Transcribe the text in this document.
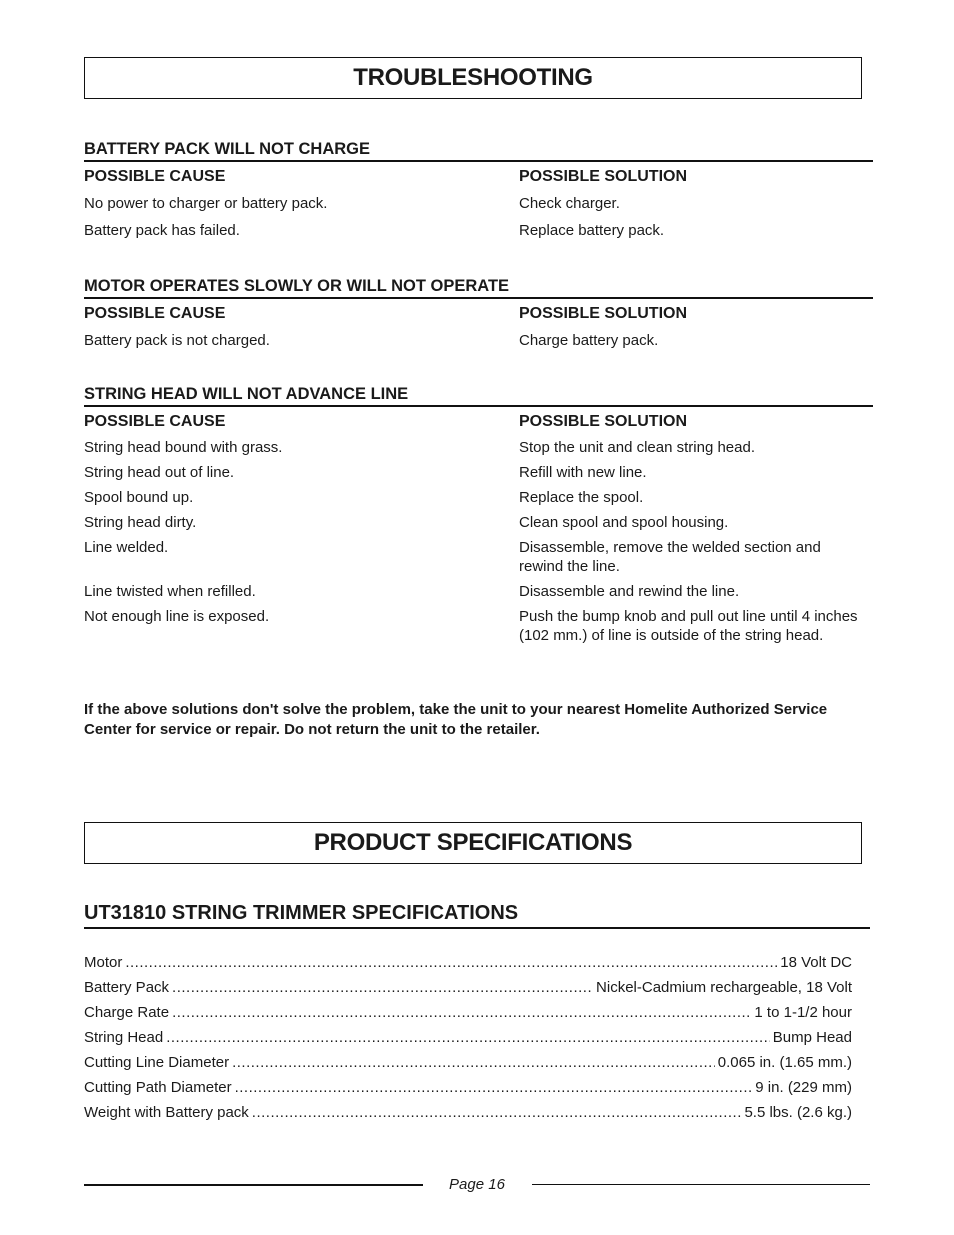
TROUBLESHOOTING
BATTERY PACK WILL NOT CHARGE
POSSIBLE CAUSE	POSSIBLE SOLUTION
No power to charger or battery pack.	Check charger.
Battery pack has failed.	Replace battery pack.
MOTOR OPERATES SLOWLY OR WILL NOT OPERATE
POSSIBLE CAUSE	POSSIBLE SOLUTION
Battery pack is not charged.	Charge battery pack.
STRING HEAD WILL NOT ADVANCE LINE
POSSIBLE CAUSE	POSSIBLE SOLUTION
String head bound with grass.	Stop the unit and clean string head.
String head out of line.	Refill with new line.
Spool bound up.	Replace the spool.
String head dirty.	Clean spool and spool housing.
Line welded.	Disassemble, remove the welded section and rewind the line.
Line twisted when refilled.	Disassemble and rewind the line.
Not enough line is exposed.	Push the bump knob and pull out line until 4 inches (102 mm.) of line is outside of the string head.
If the above solutions don't solve the problem, take the unit to your nearest Homelite Authorized Service Center for service or repair. Do not return the unit to the retailer.
PRODUCT SPECIFICATIONS
UT31810 STRING TRIMMER SPECIFICATIONS
Motor .....	18 Volt DC
Battery Pack .....	Nickel-Cadmium rechargeable, 18 Volt
Charge Rate .....	1 to 1-1/2 hour
String Head .....	Bump Head
Cutting Line Diameter .....	0.065 in. (1.65 mm.)
Cutting Path Diameter .....	9 in. (229 mm)
Weight with Battery pack .....	5.5 lbs. (2.6 kg.)
Page 16
